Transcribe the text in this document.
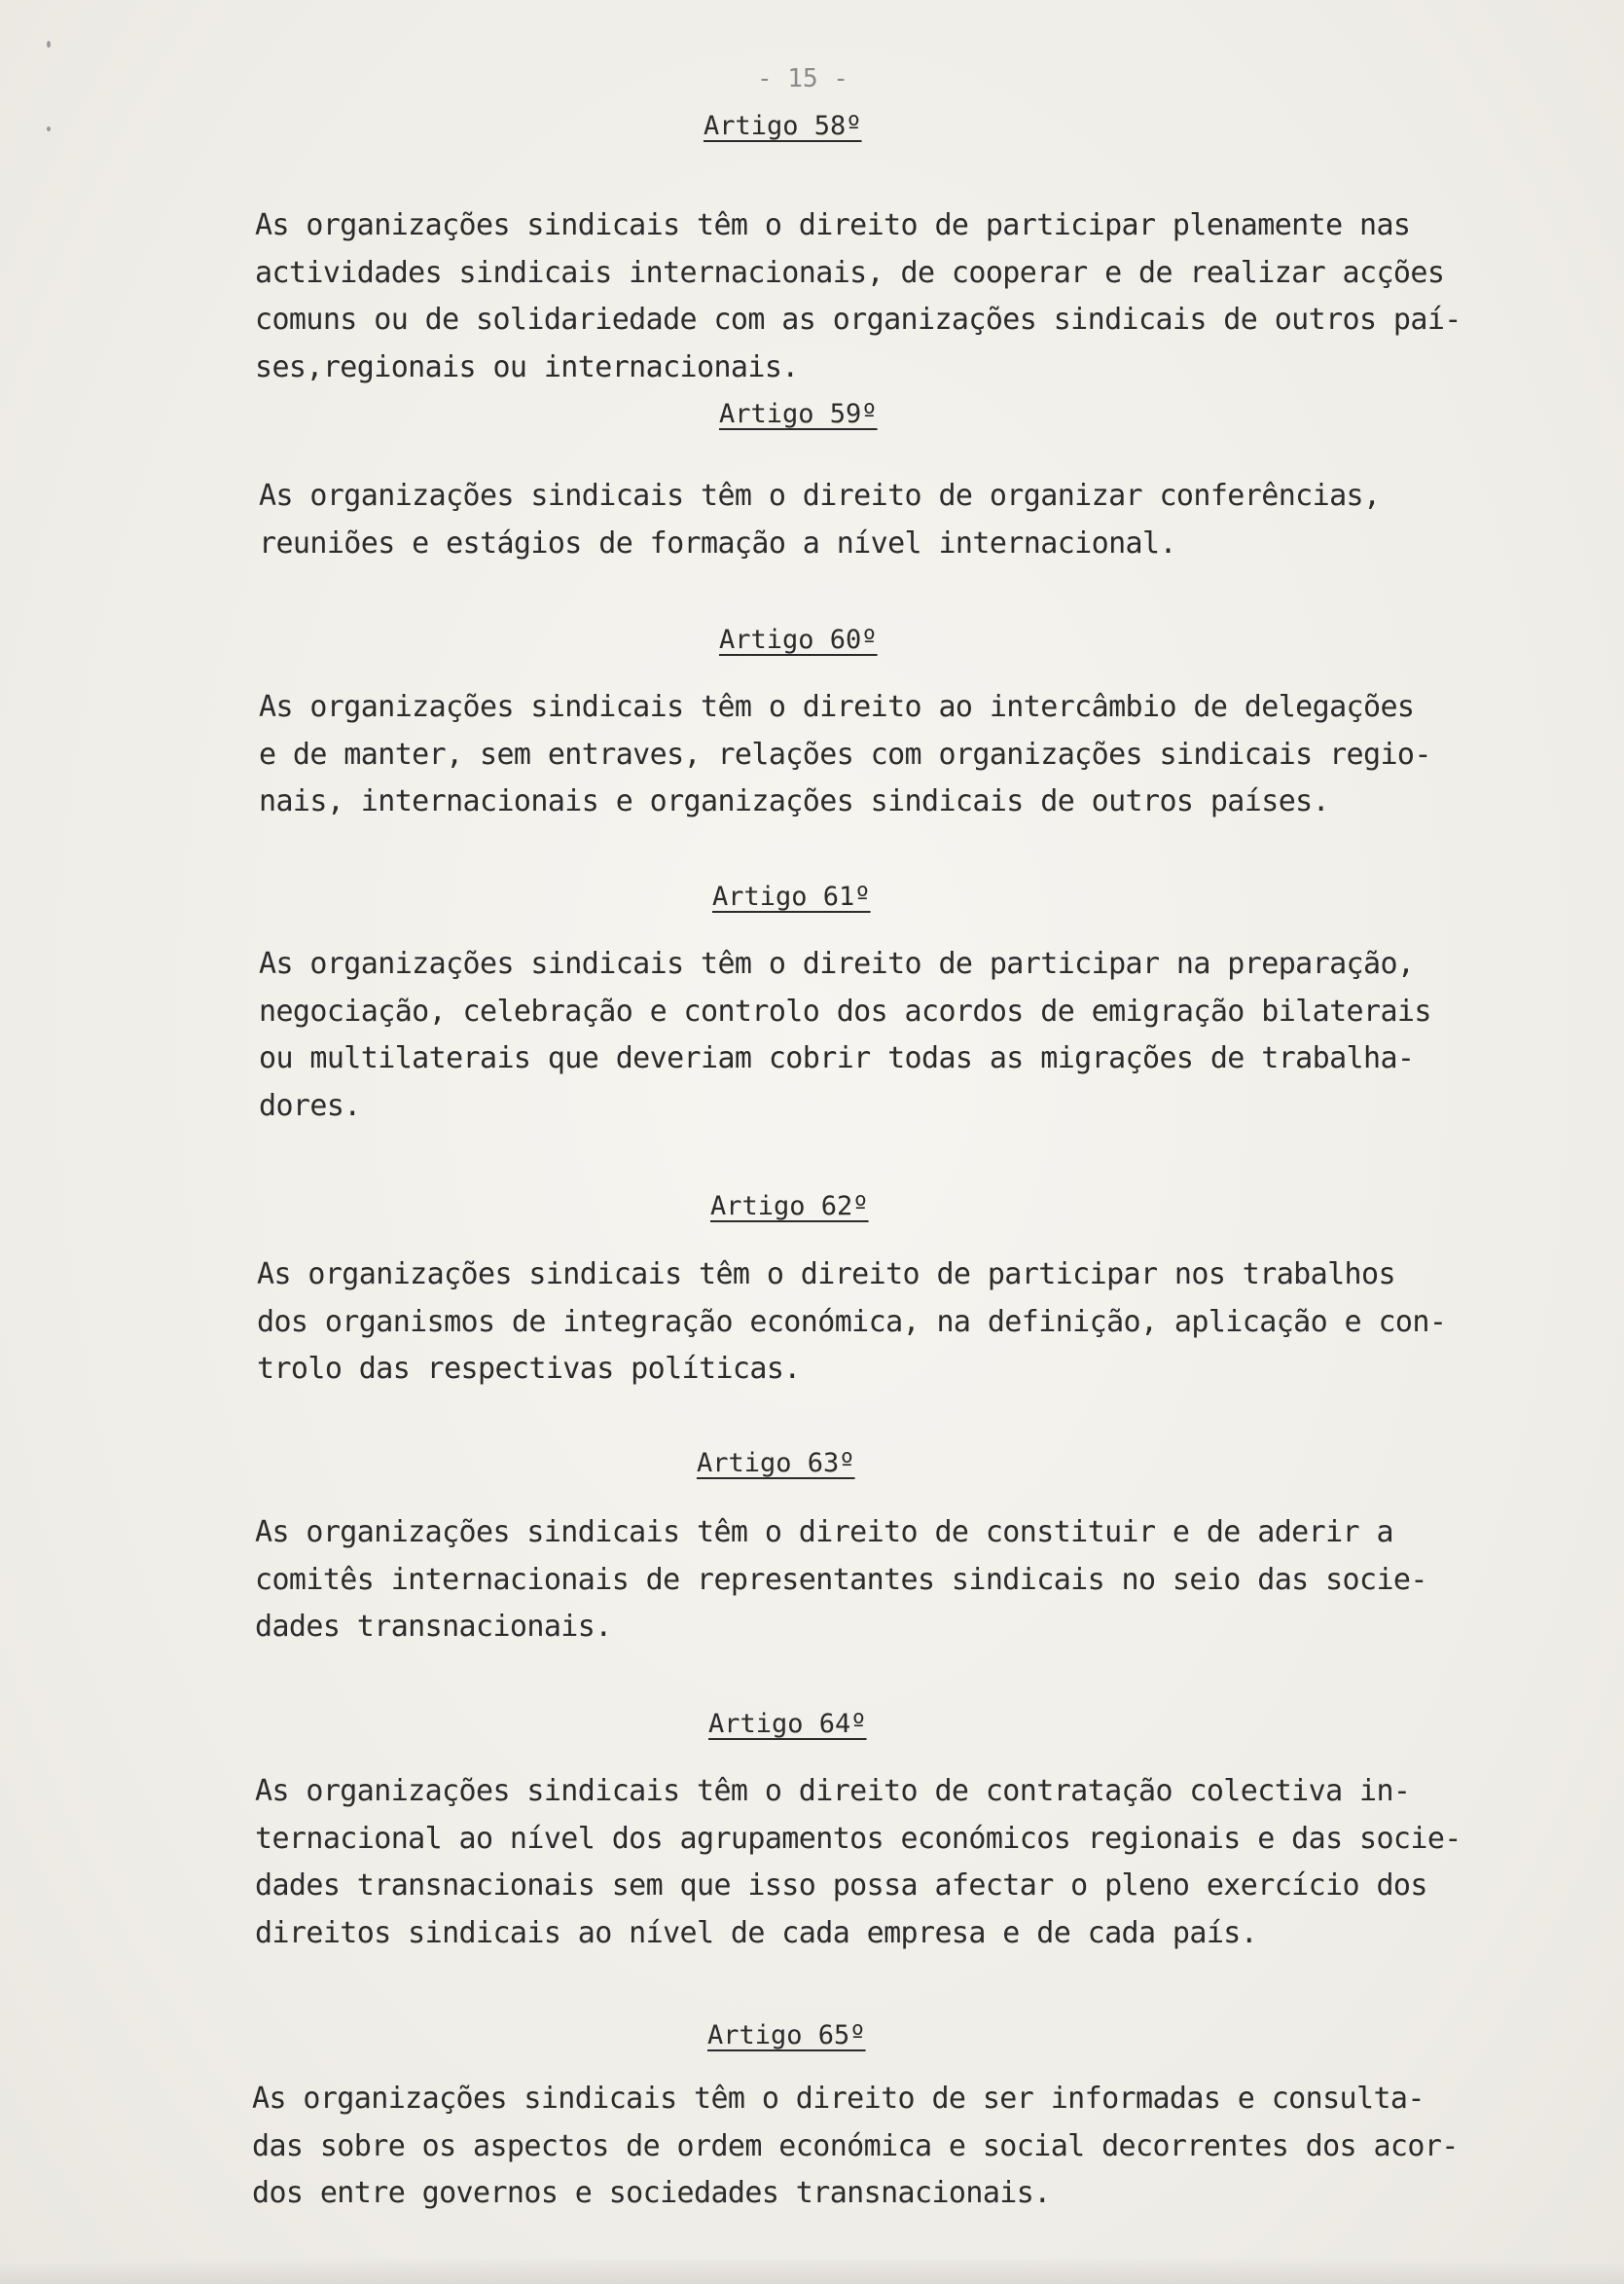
- 15 -
Artigo 58º
As organizações sindicais têm o direito de participar plenamente nas
actividades sindicais internacionais, de cooperar e de realizar acções
comuns ou de solidariedade com as organizações sindicais de outros paí-
ses,regionais ou internacionais.
Artigo 59º
As organizações sindicais têm o direito de organizar conferências,
reuniões e estágios de formação a nível internacional.
Artigo 60º
As organizações sindicais têm o direito ao intercâmbio de delegações
e de manter, sem entraves, relações com organizações sindicais regio-
nais, internacionais e organizações sindicais de outros países.
Artigo 61º
As organizações sindicais têm o direito de participar na preparação,
negociação, celebração e controlo dos acordos de emigração bilaterais
ou multilaterais que deveriam cobrir todas as migrações de trabalha-
dores.
Artigo 62º
As organizações sindicais têm o direito de participar nos trabalhos
dos organismos de integração económica, na definição, aplicação e con-
trolo das respectivas políticas.
Artigo 63º
As organizações sindicais têm o direito de constituir e de aderir a
comitês internacionais de representantes sindicais no seio das socie-
dades transnacionais.
Artigo 64º
As organizações sindicais têm o direito de contratação colectiva in-
ternacional ao nível dos agrupamentos económicos regionais e das socie-
dades transnacionais sem que isso possa afectar o pleno exercício dos
direitos sindicais ao nível de cada empresa e de cada país.
Artigo 65º
As organizações sindicais têm o direito de ser informadas e consulta-
das sobre os aspectos de ordem económica e social decorrentes dos acor-
dos entre governos e sociedades transnacionais.
